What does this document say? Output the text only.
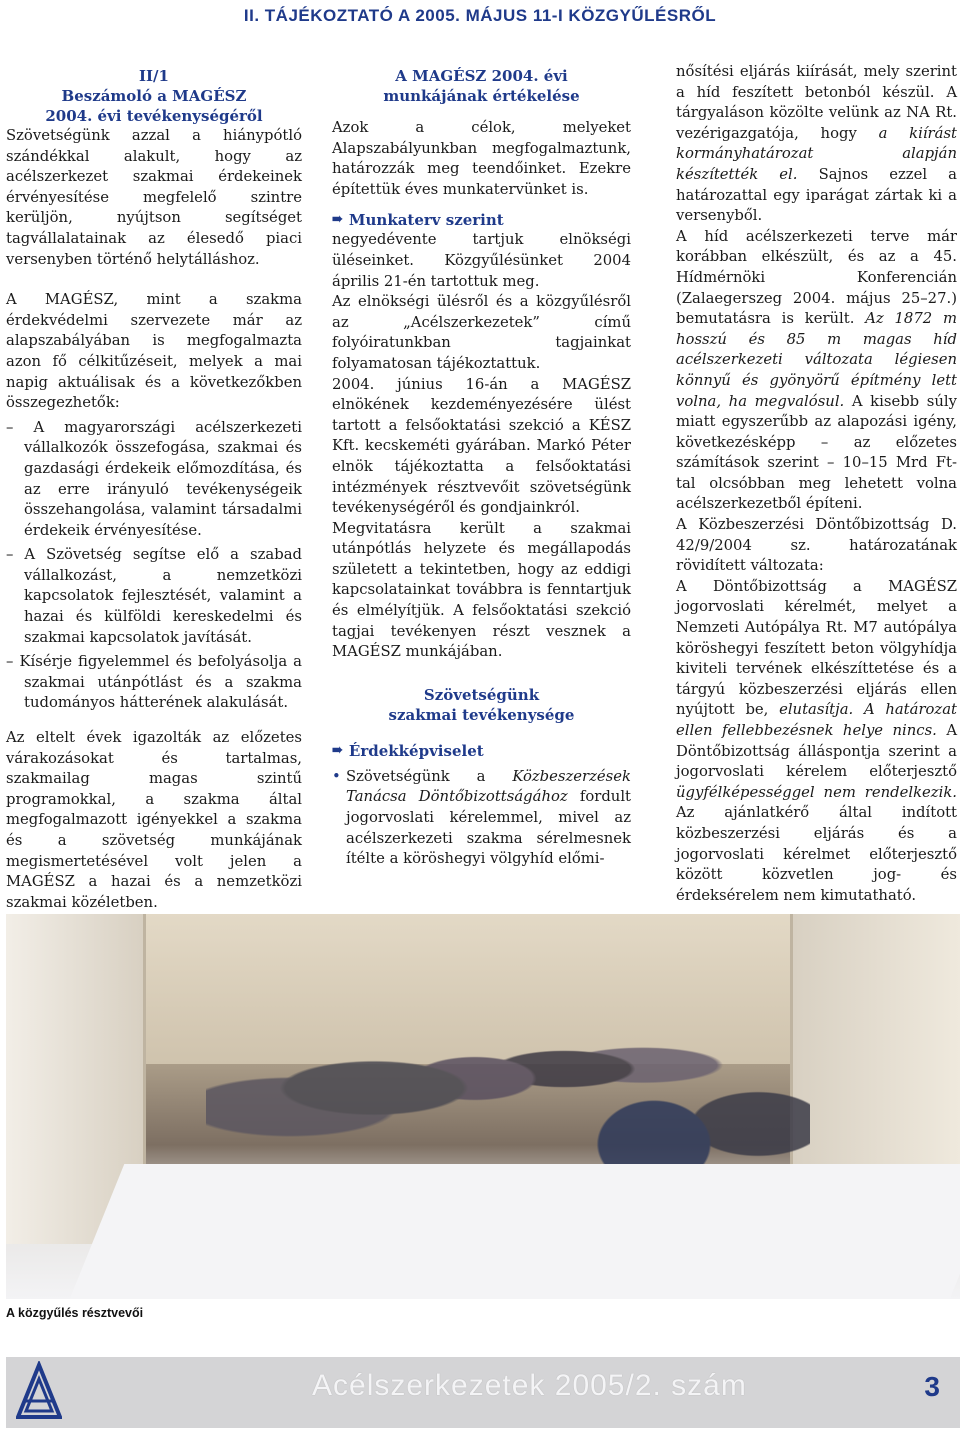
II. TÁJÉKOZTATÓ A 2005. MÁJUS 11-I KÖZGYŰLÉSRŐL
II/1
Beszámoló a MAGÉSZ
2004. évi tevékenységéről

Szövetségünk azzal a hiánypótló szándékkal alakult, hogy az acélszerkezet szakmai érdekeinek érvényesítése megfelelő szintre kerüljön, nyújtson segítséget tagvállalatainak az élesedő piaci versenyben történő helytálláshoz.

A MAGÉSZ, mint a szakma érdekvédelmi szervezete már az alapszabályában is megfogalmazta azon fő célkitűzéseit, melyek a mai napig aktuálisak és a következőkben összegezhetők:

– A magyarországi acélszerkezeti vállalkozók összefogása, szakmai és gazdasági érdekeik előmozdítása, és az erre irányuló tevékenységeik összehangolása, valamint társadalmi érdekeik érvényesítése.

– A Szövetség segítse elő a szabad vállalkozást, a nemzetközi kapcsolatok fejlesztését, valamint a hazai és külföldi kereskedelmi és szakmai kapcsolatok javítását.

– Kísérje figyelemmel és befolyásolja a szakmai utánpótlást és a szakma tudományos hátterének alakulását.

Az eltelt évek igazolták az előzetes várakozásokat és tartalmas, szakmailag magas szintű programokkal, a szakma által megfogalmazott igényekkel a szakma és a szövetség munkájának megismertetésével volt jelen a MAGÉSZ a hazai és a nemzetközi szakmai közéletben.

A MAGÉSZ 2004. évi
munkájának értékelése

Azok a célok, melyeket Alapszabályunkban megfogalmaztunk, határozzák meg teendőinket. Ezekre építettük éves munkatervünket is.

➠ Munkaterv szerint

negyedévente tartjuk elnökségi üléseinket. Közgyűlésünket 2004 április 21-én tartottuk meg.

Az elnökségi ülésről és a közgyűlésről az „Acélszerkezetek” című folyóiratunkban tagjainkat folyamatosan tájékoztattuk.

2004. június 16-án a MAGÉSZ elnökének kezdeményezésére ülést tartott a felsőoktatási szekció a KÉSZ Kft. kecskeméti gyárában. Markó Péter elnök tájékoztatta a felsőoktatási intézmények résztvevőit szövetségünk tevékenységéről és gondjainkról.

Megvitatásra került a szakmai utánpótlás helyzete és megállapodás született a tekintetben, hogy az eddigi kapcsolatainkat továbbra is fenntartjuk és elmélyítjük. A felsőoktatási szekció tagjai tevékenyen részt vesznek a MAGÉSZ munkájában.

Szövetségünk
szakmai tevékenysége
➠ Érdekképviselet
• Szövetségünk a Közbeszerzések Tanácsa Döntőbizottságához fordult jogorvoslati kérelemmel, mivel az acélszerkezeti szakma sérelmesnek ítélte a köröshegyi völgyhíd előmi-

nősítési eljárás kiírását, mely szerint a híd feszített betonból készül. A tárgyaláson közölte velünk az NA Rt. vezérigazgatója, hogy a kiírást kormányhatározat alapján készítették el. Sajnos ezzel a határozattal egy iparágat zártak ki a versenyből.

A híd acélszerkezeti terve már korábban elkészült, és az a 45. Hídmérnöki Konferencián (Zalaegerszeg 2004. május 25–27.) bemutatásra is került. Az 1872 m hosszú és 85 m magas híd acélszerkezeti változata légiesen könnyű és gyönyörű építmény lett volna, ha megvalósul. A kisebb súly miatt egyszerűbb az alapozási igény, következésképp – az előzetes számítások szerint – 10–15 Mrd Ft-tal olcsóbban meg lehetett volna acélszerkezetből építeni.

A Közbeszerzési Döntőbizottság D. 42/9/2004 sz. határozatának rövidített változata:

A Döntőbizottság a MAGÉSZ jogorvoslati kérelmét, melyet a Nemzeti Autópálya Rt. M7 autópálya köröshegyi feszített beton völgyhídja kiviteli tervének elkészíttetése és a tárgyú közbeszerzési eljárás ellen nyújtott be, elutasítja. A határozat ellen fellebbezésnek helye nincs. A Döntőbizottság álláspontja szerint a jogorvoslati kérelem előterjesztő ügyfélképességgel nem rendelkezik. Az ajánlatkérő által indított közbeszerzési eljárás és a jogorvoslati kérelmet előterjesztő között közvetlen jog- és érdeksérelem nem kimutatható.

A közgyűlés résztvevői
Acélszerkezetek 2005/2. szám	3
